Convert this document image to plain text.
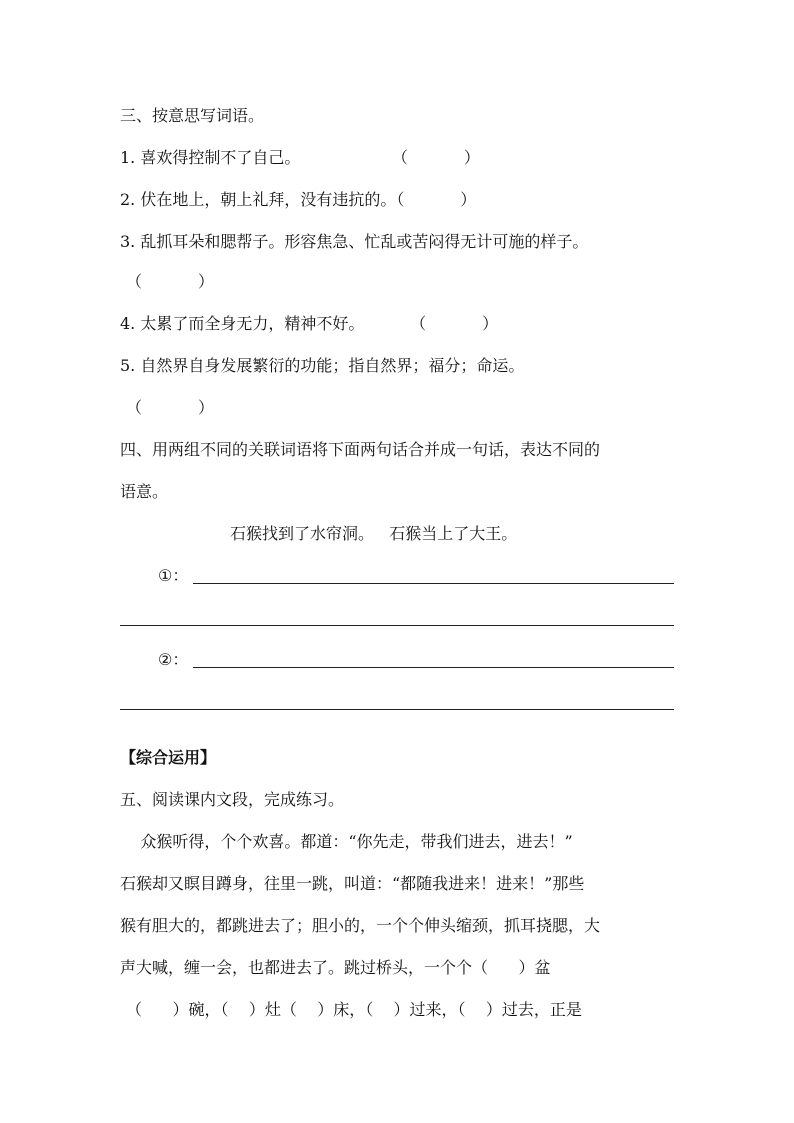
三、按意思写词语。
1. 喜欢得控制不了自己。                  （           ）
2. 伏在地上，朝上礼拜，没有违抗的。（           ）
3. 乱抓耳朵和腮帮子。形容焦急、忙乱或苦闷得无计可施的样子。
（           ）
4. 太累了而全身无力，精神不好。         （           ）
5. 自然界自身发展繁衍的功能；指自然界；福分；命运。
（           ）
四、用两组不同的关联词语将下面两句话合并成一句话，表达不同的
语意。
石猴找到了水帘洞。   石猴当上了大王。
①：
②：
【综合运用】
五、阅读课内文段，完成练习。
众猴听得，个个欢喜。都道：“你先走，带我们进去，进去！”
石猴却又瞑目蹲身，往里一跳，叫道：“都随我进来！进来！”那些
猴有胆大的，都跳进去了；胆小的，一个个伸头缩颈，抓耳挠腮，大
声大喊，缠一会，也都进去了。跳过桥头，一个个（      ）盆
（      ）碗，（    ）灶（    ）床，（    ）过来，（    ）过去，正是
